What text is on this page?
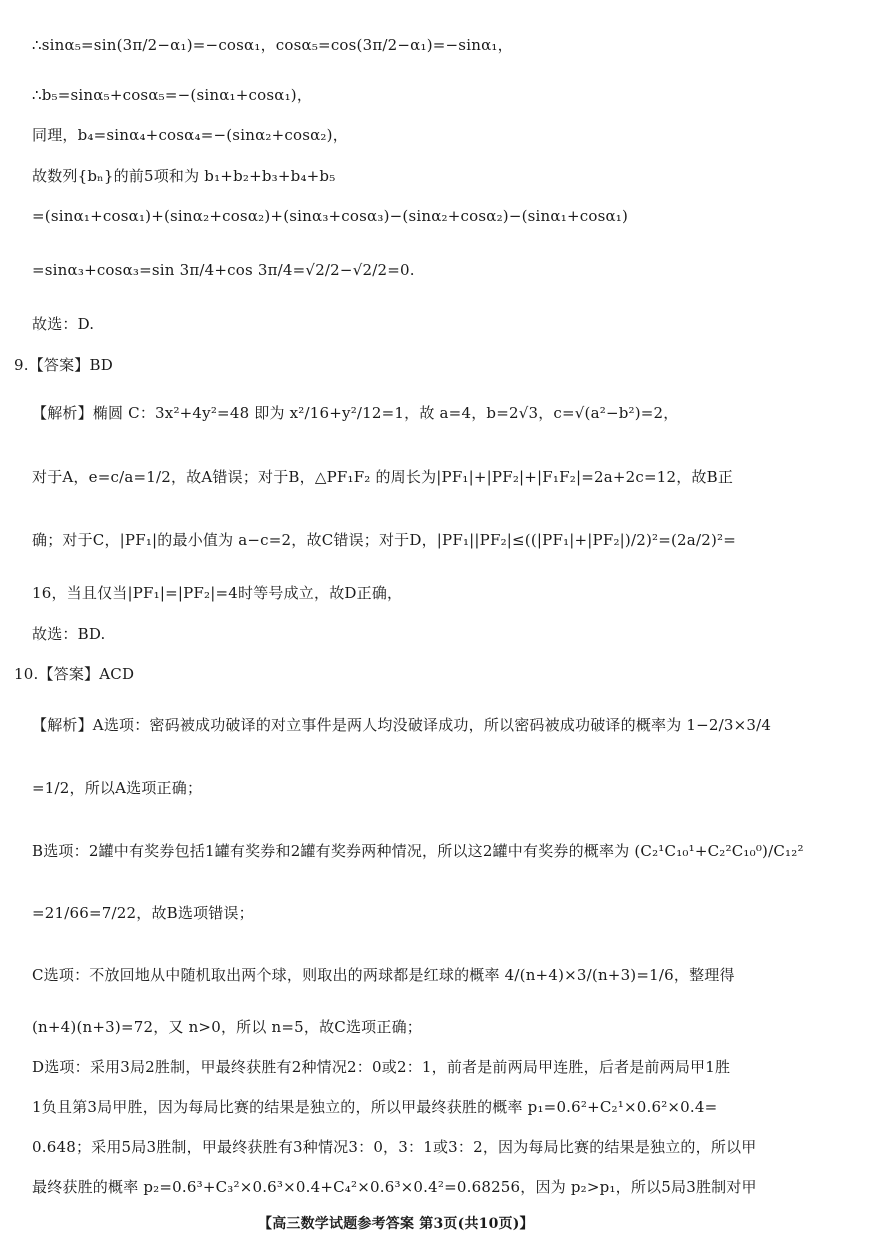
∴sinα₅=sin(3π/2−α₁)=−cosα₁，cosα₅=cos(3π/2−α₁)=−sinα₁，
∴b₅=sinα₅+cosα₅=−(sinα₁+cosα₁)，
同理，b₄=sinα₄+cosα₄=−(sinα₂+cosα₂)，
故数列{bₙ}的前5项和为 b₁+b₂+b₃+b₄+b₅
=(sinα₁+cosα₁)+(sinα₂+cosα₂)+(sinα₃+cosα₃)−(sinα₂+cosα₂)−(sinα₁+cosα₁)
=sinα₃+cosα₃=sin 3π/4+cos 3π/4=√2/2−√2/2=0.
故选：D.
9.【答案】BD
【解析】椭圆 C：3x²+4y²=48 即为 x²/16+y²/12=1，故 a=4，b=2√3，c=√(a²−b²)=2，
对于A，e=c/a=1/2，故A错误；对于B，△PF₁F₂ 的周长为|PF₁|+|PF₂|+|F₁F₂|=2a+2c=12，故B正
确；对于C，|PF₁|的最小值为 a−c=2，故C错误；对于D，|PF₁||PF₂|≤((|PF₁|+|PF₂|)/2)²=(2a/2)²=
16，当且仅当|PF₁|=|PF₂|=4时等号成立，故D正确，
故选：BD.
10.【答案】ACD
【解析】A选项：密码被成功破译的对立事件是两人均没破译成功，所以密码被成功破译的概率为 1−2/3×3/4
=1/2，所以A选项正确；
B选项：2罐中有奖券包括1罐有奖券和2罐有奖券两种情况，所以这2罐中有奖券的概率为 (C₂¹C₁₀¹+C₂²C₁₀⁰)/C₁₂²
=21/66=7/22，故B选项错误；
C选项：不放回地从中随机取出两个球，则取出的两球都是红球的概率 4/(n+4)×3/(n+3)=1/6，整理得
(n+4)(n+3)=72，又 n>0，所以 n=5，故C选项正确；
D选项：采用3局2胜制，甲最终获胜有2种情况2：0或2：1，前者是前两局甲连胜，后者是前两局甲1胜
1负且第3局甲胜，因为每局比赛的结果是独立的，所以甲最终获胜的概率 p₁=0.6²+C₂¹×0.6²×0.4=
0.648；采用5局3胜制，甲最终获胜有3种情况3：0，3：1或3：2，因为每局比赛的结果是独立的，所以甲
最终获胜的概率 p₂=0.6³+C₃²×0.6³×0.4+C₄²×0.6³×0.4²=0.68256，因为 p₂>p₁，所以5局3胜制对甲
【高三数学试题参考答案 第3页(共10页)】
